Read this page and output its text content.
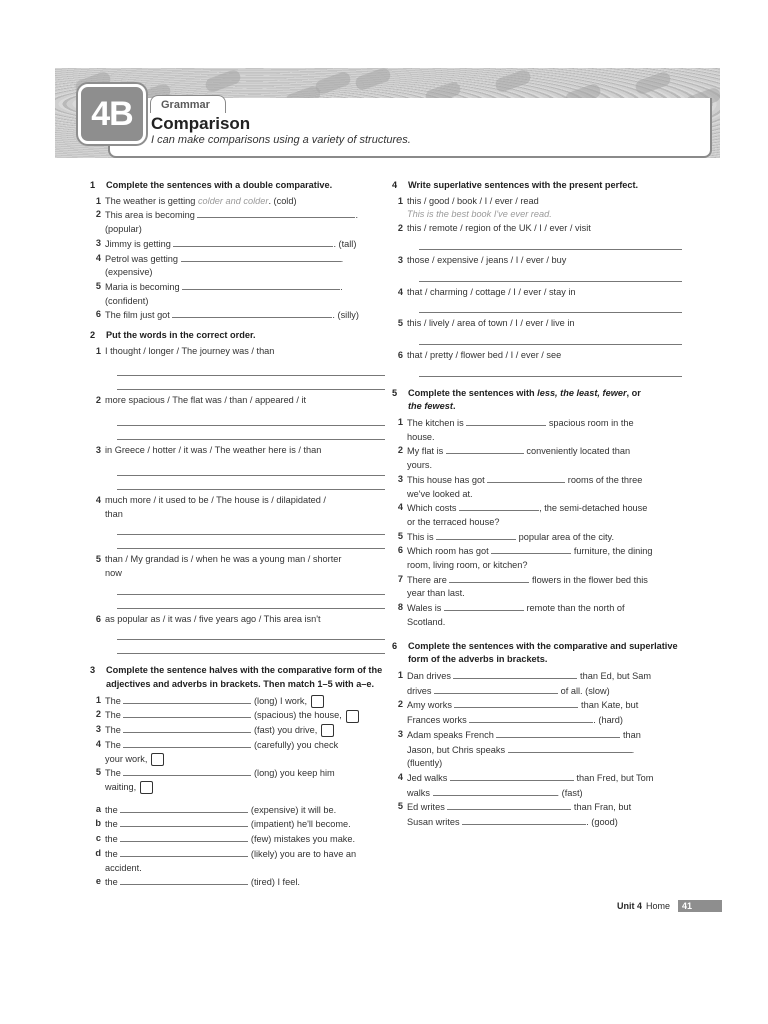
4B	Grammar
Comparison
I can make comparisons using a variety of structures.
1	Complete the sentences with a double comparative.
1 The weather is getting colder and colder. (cold)
2 This area is becoming	.
(popular)
3 Jimmy is getting	. (tall)
4 Petrol was getting	.
(expensive)
5 Maria is becoming	.
(confident)
6 The film just got	. (silly)
2	Put the words in the correct order.
1 I thought / longer / The journey was / than
2 more spacious / The flat was / than / appeared / it
3 in Greece / hotter / it was / The weather here is / than
4 much more / it used to be / The house is / dilapidated /
than
5 than / My grandad is / when he was a young man / shorter
now
6 as popular as / it was / five years ago / This area isn't
3	Complete the sentence halves with the comparative form of the adjectives and adverbs in brackets. Then match 1–5 with a–e.
1 The	(long) I work,
2 The	(spacious) the house,
3 The	(fast) you drive,
4 The	(carefully) you check
your work,
5 The	(long) you keep him
waiting,
a the	(expensive) it will be.
b the	(impatient) he'll become.
c the	(few) mistakes you make.
d the	(likely) you are to have an
accident.
e the	(tired) I feel.
4	Write superlative sentences with the present perfect.
1 this / good / book / I / ever / read
This is the best book I've ever read.
2 this / remote / region of the UK / I / ever / visit
3 those / expensive / jeans / I / ever / buy
4 that / charming / cottage / I / ever / stay in
5 this / lively / area of town / I / ever / live in
6 that / pretty / flower bed / I / ever / see
5	Complete the sentences with less, the least, fewer, or
the fewest.
1 The kitchen is	spacious room in the
house.
2 My flat is	conveniently located than
yours.
3 This house has got	rooms of the three
we've looked at.
4 Which costs	, the semi-detached house
or the terraced house?
5 This is	popular area of the city.
6 Which room has got	furniture, the dining
room, living room, or kitchen?
7 There are	flowers in the flower bed this
year than last.
8 Wales is	remote than the north of
Scotland.
6	Complete the sentences with the comparative and superlative form of the adverbs in brackets.
1 Dan drives	than Ed, but Sam
drives	of all. (slow)
2 Amy works	than Kate, but
Frances works	. (hard)
3 Adam speaks French	than
Jason, but Chris speaks	.
(fluently)
4 Jed walks	than Fred, but Tom
walks	. (fast)
5 Ed writes	than Fran, but
Susan writes	. (good)
Unit 4 Home	41
